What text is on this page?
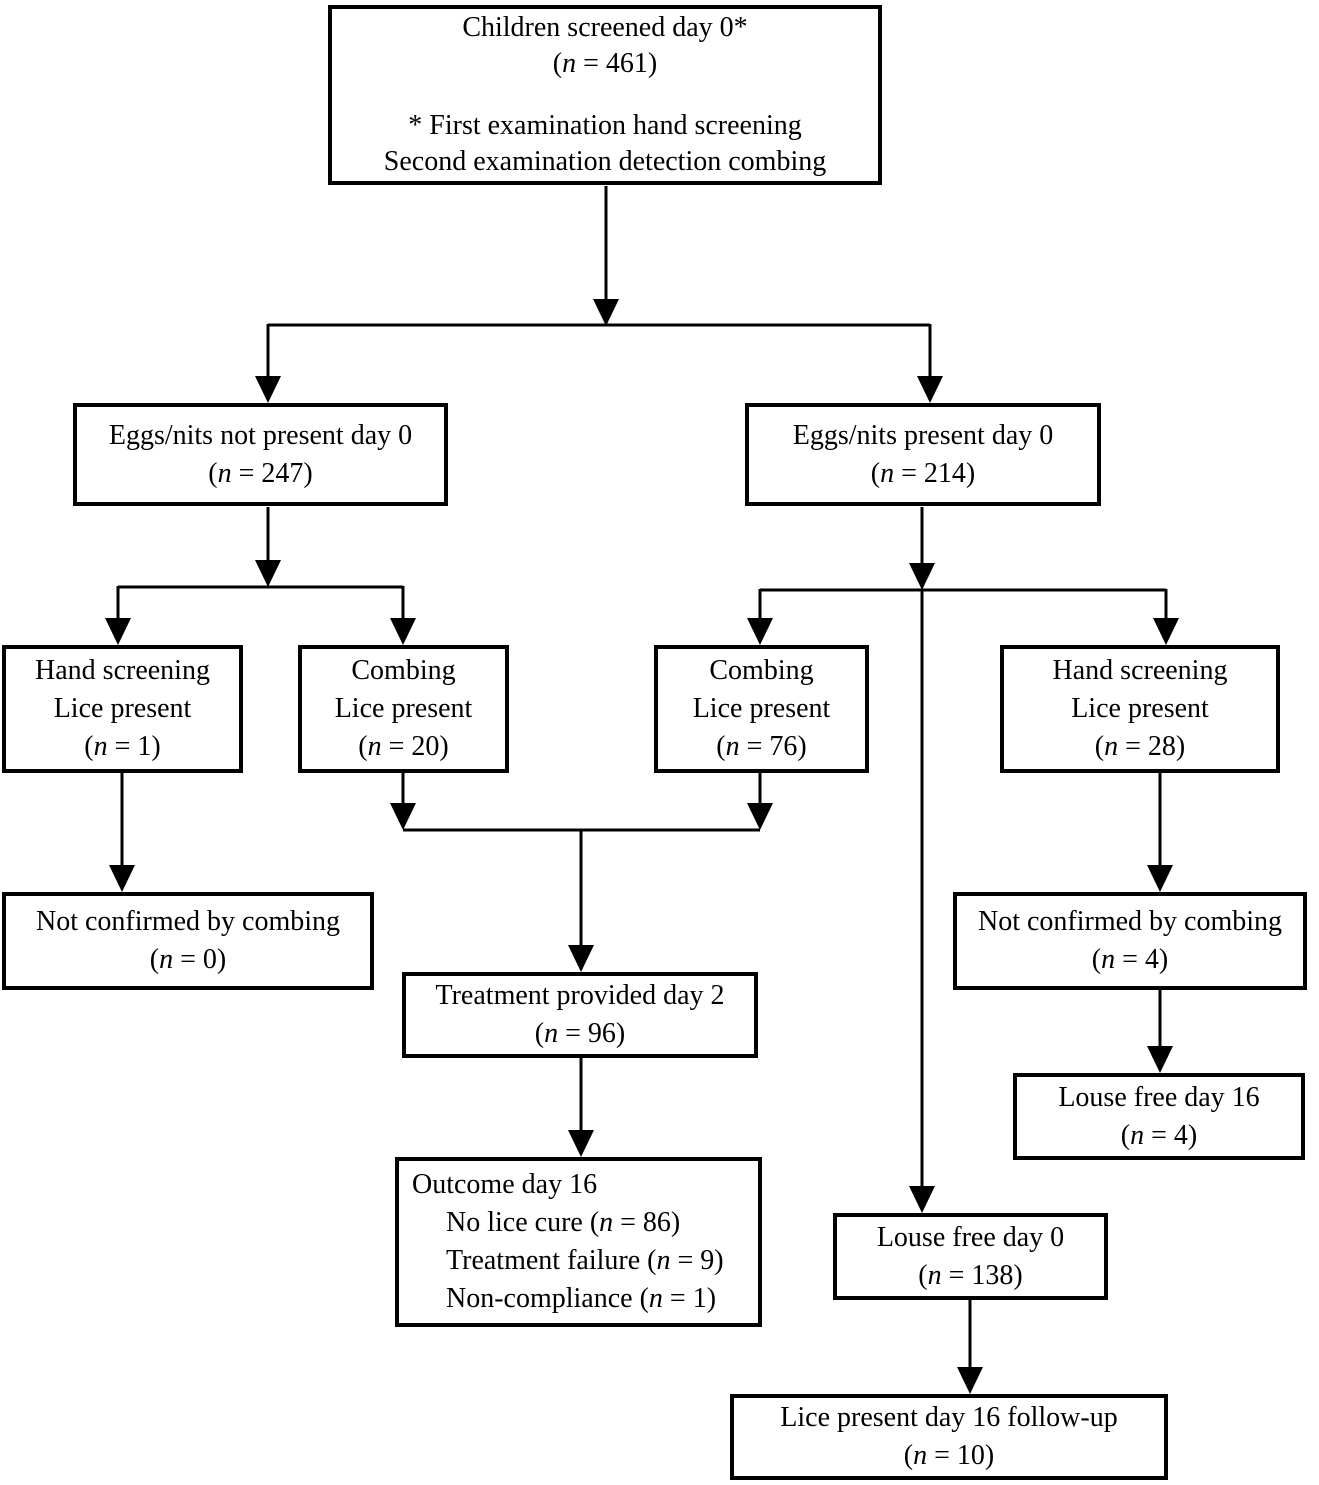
Children screened day 0*
(n = 461)
* First examination hand screening
Second examination detection combing
Eggs/nits not present day 0
(n = 247)
Eggs/nits present day 0
(n = 214)
Hand screening
Lice present
(n = 1)
Combing
Lice present
(n = 20)
Combing
Lice present
(n = 76)
Hand screening
Lice present
(n = 28)
Not confirmed by combing
(n = 0)
Not confirmed by combing
(n = 4)
Treatment provided day 2
(n = 96)
Louse free day 16
(n = 4)
Outcome day 16
No lice cure (n = 86)
Treatment failure (n = 9)
Non-compliance (n = 1)
Louse free day 0
(n = 138)
Lice present day 16 follow-up
(n = 10)
